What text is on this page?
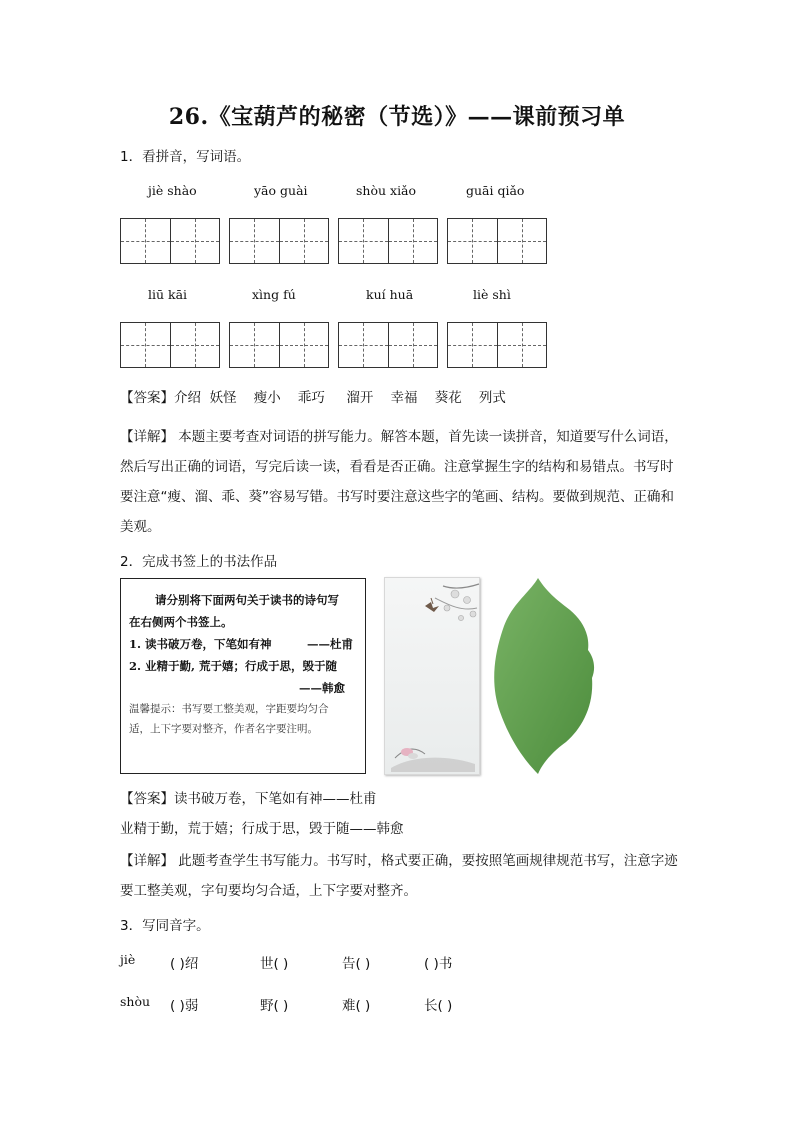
26.《宝葫芦的秘密（节选）》——课前预习单
1．看拼音，写词语。
jiè shào	yāo guài	shòu xiǎo	guāi qiǎo
liū kāi	xìng fú	kuí huā	liè shì
【答案】介绍  妖怪    瘦小    乖巧     溜开    幸福    葵花    列式
【详解】 本题主要考查对词语的拼写能力。解答本题，首先读一读拼音，知道要写什么词语，然后写出正确的词语，写完后读一读，看看是否正确。注意掌握生字的结构和易错点。书写时要注意“瘦、溜、乖、葵”容易写错。书写时要注意这些字的笔画、结构。要做到规范、正确和美观。
2．完成书签上的书法作品
请分别将下面两句关于读书的诗句写
在右侧两个书签上。
1. 读书破万卷，下笔如有神	——杜甫
2. 业精于勤, 荒于嬉；行成于思，毁于随
——韩愈
温馨提示：书写要工整美观，字距要均匀合
适，上下字要对整齐，作者名字要注明。
【答案】读书破万卷，下笔如有神——杜甫
业精于勤，荒于嬉；行成于思，毁于随——韩愈
【详解】 此题考查学生书写能力。书写时，格式要正确，要按照笔画规律规范书写，注意字迹要工整美观，字句要均匀合适，上下字要对整齐。
3．写同音字。
jiè	( )绍	世( )	告( )	( )书
shòu ( )弱	野( )	难( )	长( )
